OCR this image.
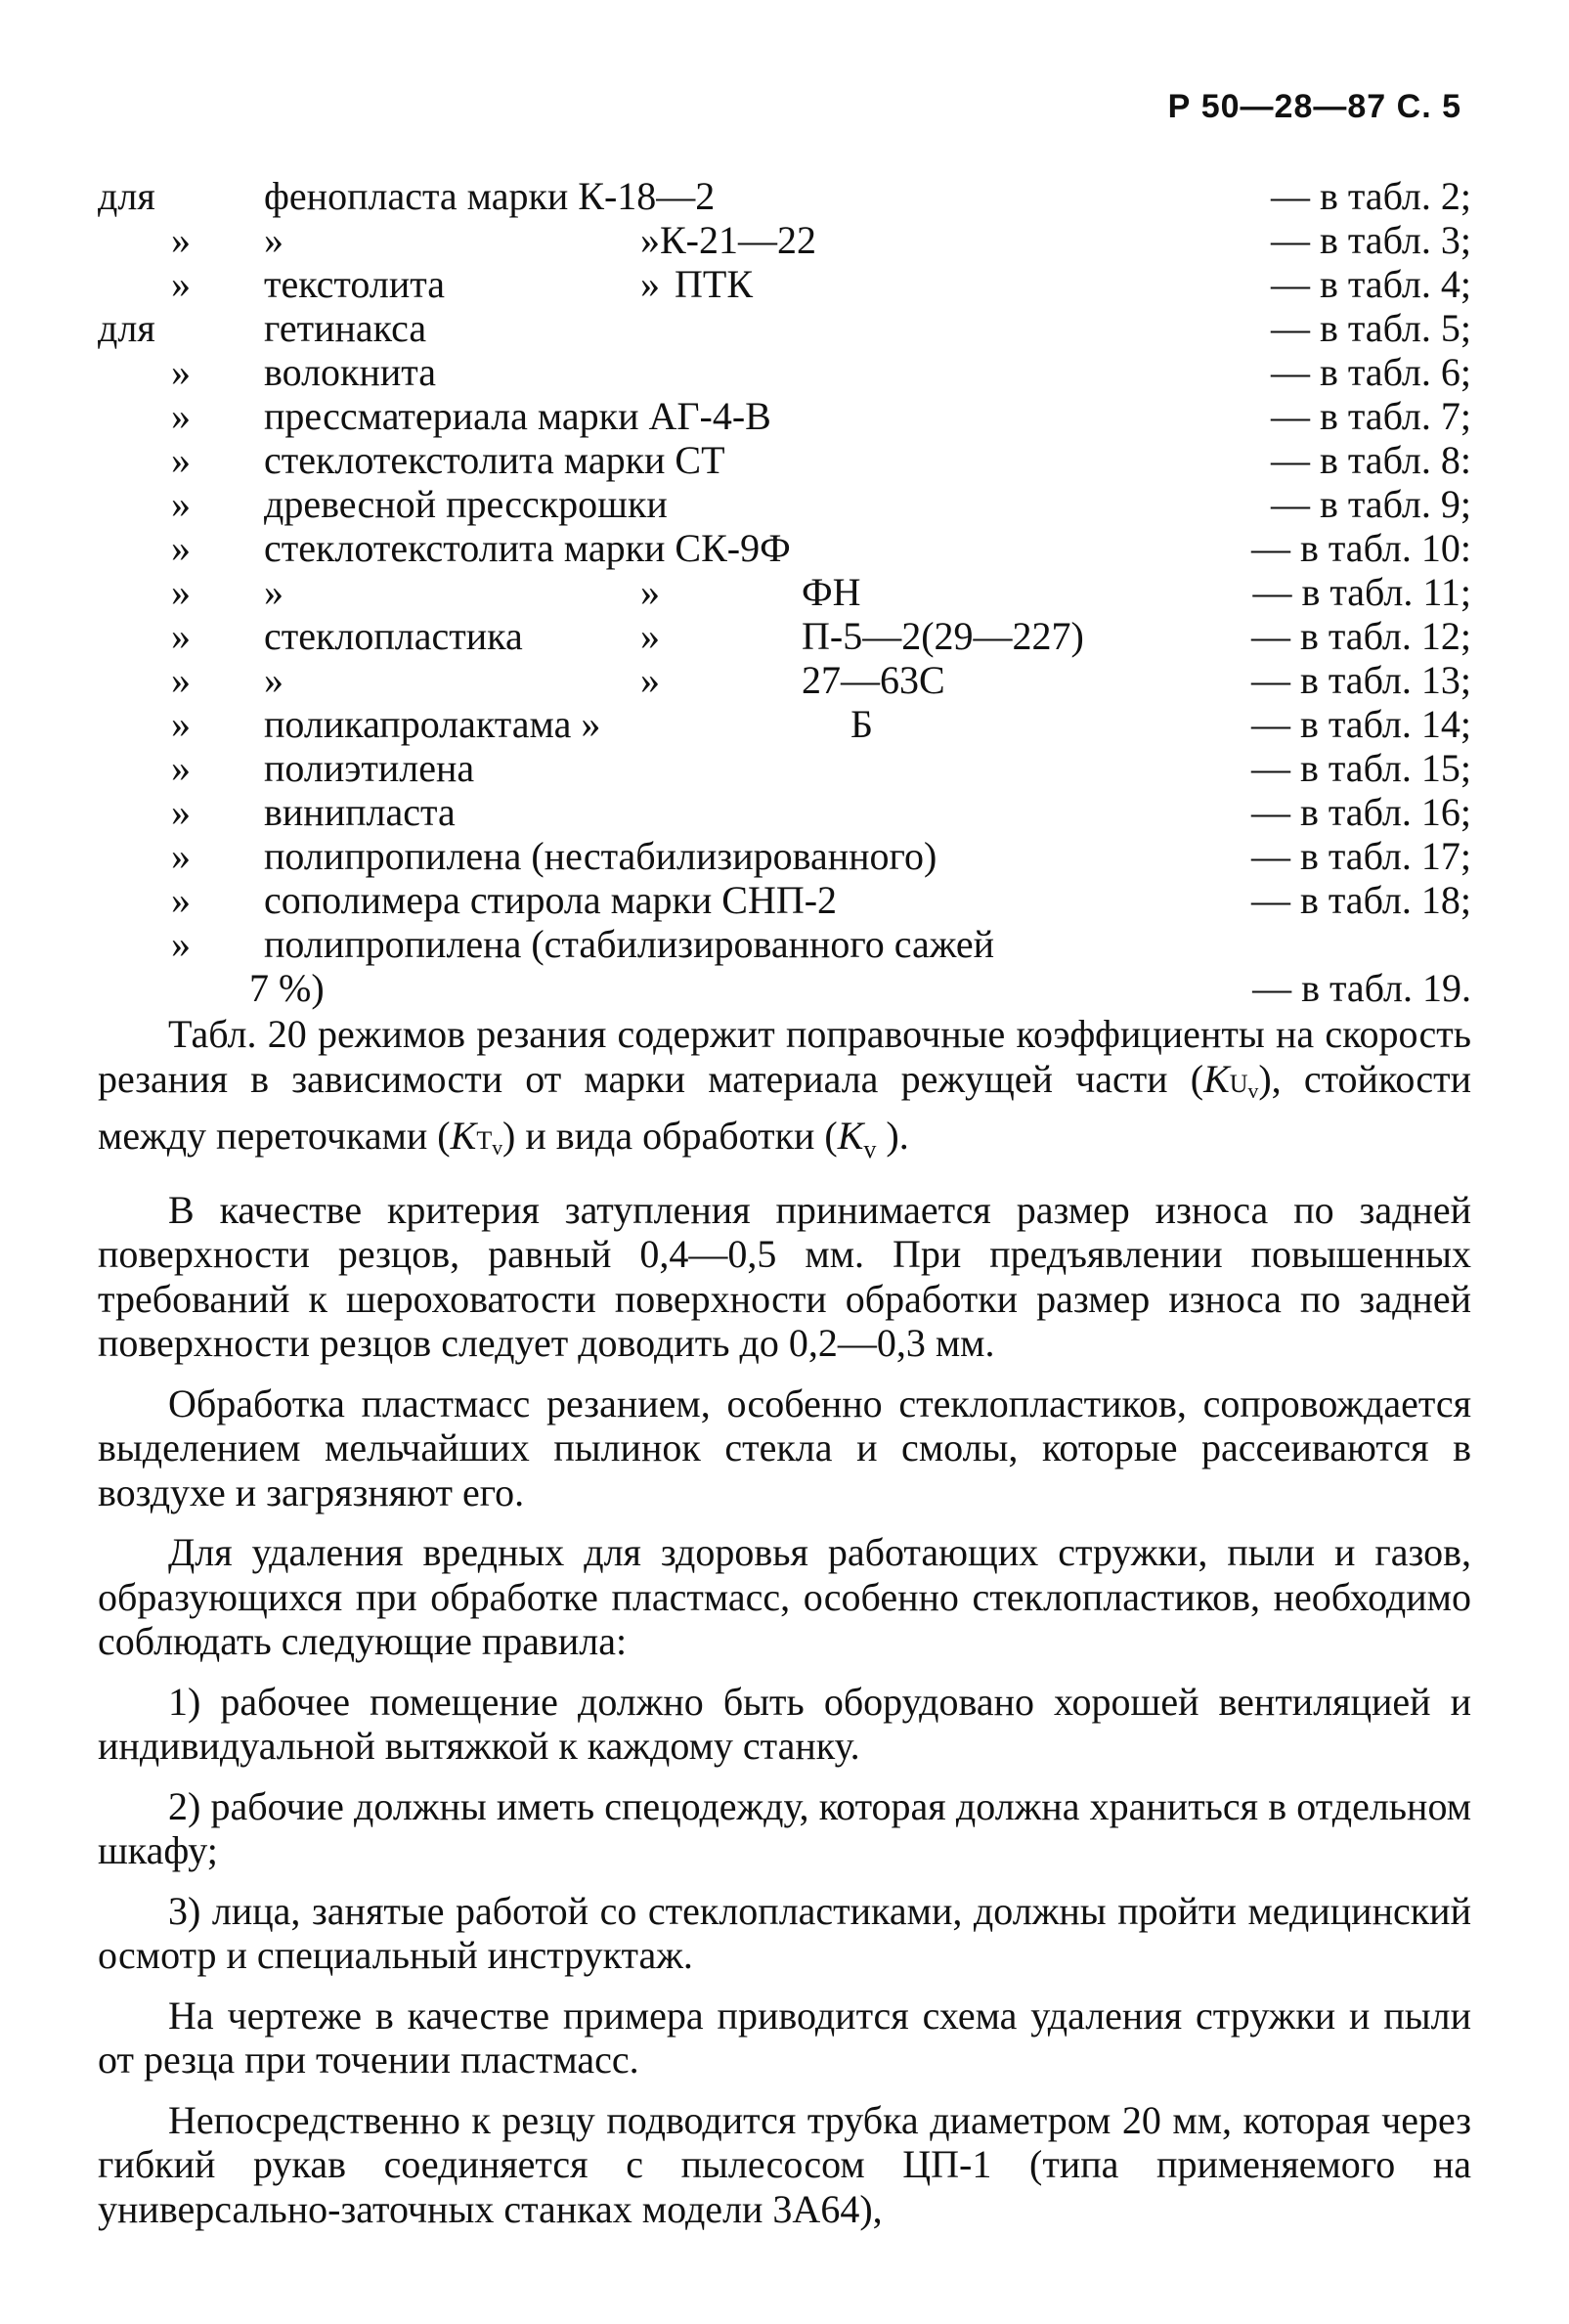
Р 50—28—87 С. 5
для	фенопласта марки К-18—2	— в табл. 2;
» »	» К-21—22	— в табл. 3;
» текстолита	» ПТК	— в табл. 4;
для	гетинакса	— в табл. 5;
» волокнита	— в табл. 6;
» прессматериала марки АГ-4-В	— в табл. 7;
» стеклотекстолита марки СТ	— в табл. 8:
» древесной пресскрошки	— в табл. 9;
» стеклотекстолита марки СК-9Ф	— в табл. 10:
» »	»	ФН	— в табл. 11;
» стеклопластика	»	П-5—2(29—227)	— в табл. 12;
» »	»	27—63С	— в табл. 13;
» поликапролактама »	Б	— в табл. 14;
» полиэтилена	— в табл. 15;
» винипласта	— в табл. 16;
» полипропилена (нестабилизированного)	— в табл. 17;
» сополимера стирола марки СНП-2	— в табл. 18;
» полипропилена (стабилизированного сажей
7 %)	— в табл. 19.

Табл. 20 режимов резания содержит поправочные коэффициенты на скорость резания в зависимости от марки материала режущей части $(KU_v)$, стойкости между переточками $(KT_v)$ и вида обработки ($K_v$ ).

В качестве критерия затупления принимается размер износа по задней поверхности резцов, равный 0,4—0,5 мм. При предъявлении повышенных требований к шероховатости поверхности обработки размер износа по задней поверхности резцов следует доводить до 0,2—0,3 мм.

Обработка пластмасс резанием, особенно стеклопластиков, сопровождается выделением мельчайших пылинок стекла и смолы, которые рассеиваются в воздухе и загрязняют его.

Для удаления вредных для здоровья работающих стружки, пыли и газов, образующихся при обработке пластмасс, особенно стеклопластиков, необходимо соблюдать следующие правила:

1) рабочее помещение должно быть оборудовано хорошей вентиляцией и индивидуальной вытяжкой к каждому станку.

2) рабочие должны иметь спецодежду, которая должна храниться в отдельном шкафу;

3) лица, занятые работой со стеклопластиками, должны пройти медицинский осмотр и специальный инструктаж.

На чертеже в качестве примера приводится схема удаления стружки и пыли от резца при точении пластмасс.

Непосредственно к резцу подводится трубка диаметром 20 мм, которая через гибкий рукав соединяется с пылесосом ЦП-1 (типа применяемого на универсально-заточных станках модели 3А64),
